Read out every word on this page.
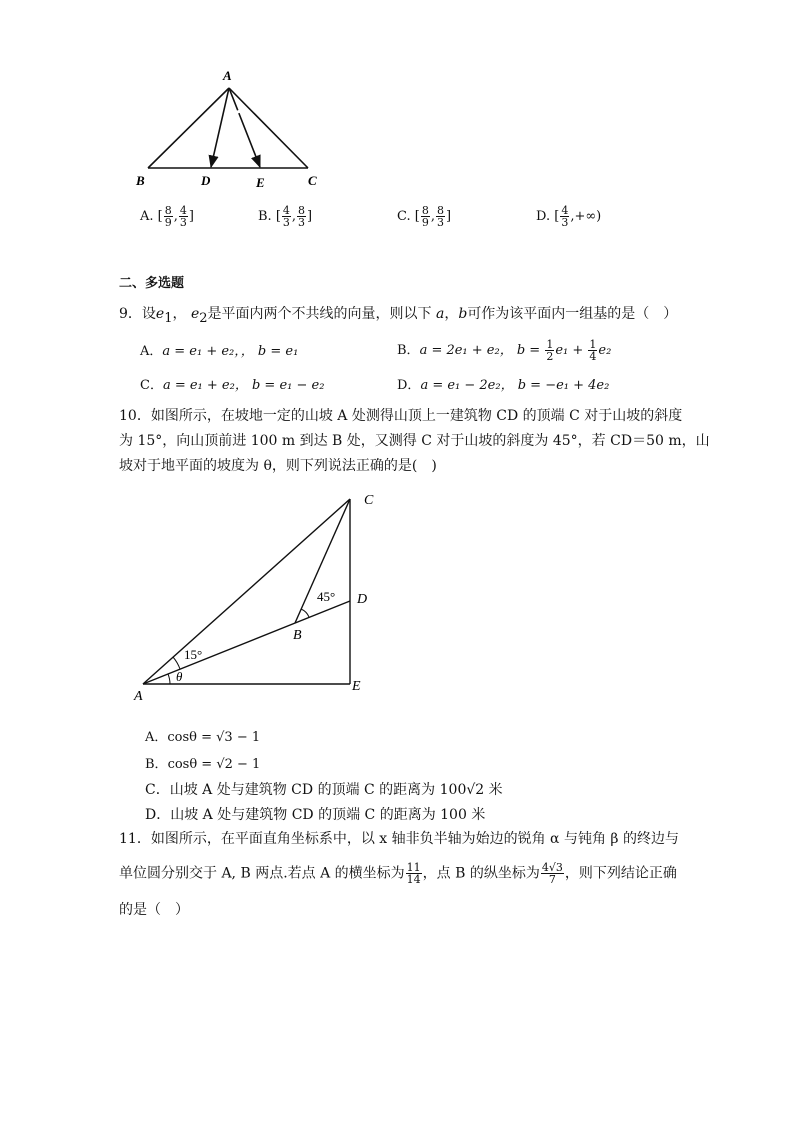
A
B	D	E	C
A. [ $\frac{8}{9}$ , $\frac{4}{3}$ ]	B. [ $\frac{4}{3}$ , $\frac{8}{3}$ ]	C. [ $\frac{8}{9}$ , $\frac{8}{3}$ ]	D. [ $\frac{4}{3}$ ,+∞)
二、多选题
9．设$e_1$， $e_2$是平面内两个不共线的向量，则以下 a，b可作为该平面内一组基的是（　）
A．a = e₁ + e₂，， b = e₁	B．a = 2e₁ + e₂， $b = \frac{1}{2} e_1 + \frac{1}{4} e_2$
C．a = e₁ + e₂， b = e₁ − e₂	D．a = e₁ − 2e₂， b = −e₁ + 4e₂
10．如图所示，在坡地一定的山坡 A 处测得山顶上一建筑物 CD 的顶端 C 对于山坡的斜度
为 15°，向山顶前进 100 m 到达 B 处，又测得 C 对于山坡的斜度为 45°，若 CD＝50 m，山
坡对于地平面的坡度为 θ，则下列说法正确的是(　)
C
D
B
A
E
45°
15°
θ
A．cosθ = √3 − 1
B．cosθ = √2 − 1
C．山坡 A 处与建筑物 CD 的顶端 C 的距离为 100√2 米
D．山坡 A 处与建筑物 CD 的顶端 C 的距离为 100 米
11．如图所示，在平面直角坐标系中，以 x 轴非负半轴为始边的锐角 α 与钝角 β 的终边与
单位圆分别交于 A, B 两点.若点 A 的横坐标为 $\frac{11}{14}$ ，点 B 的纵坐标为 $\frac{4√3}{7}$ ，则下列结论正确
的是（　）
